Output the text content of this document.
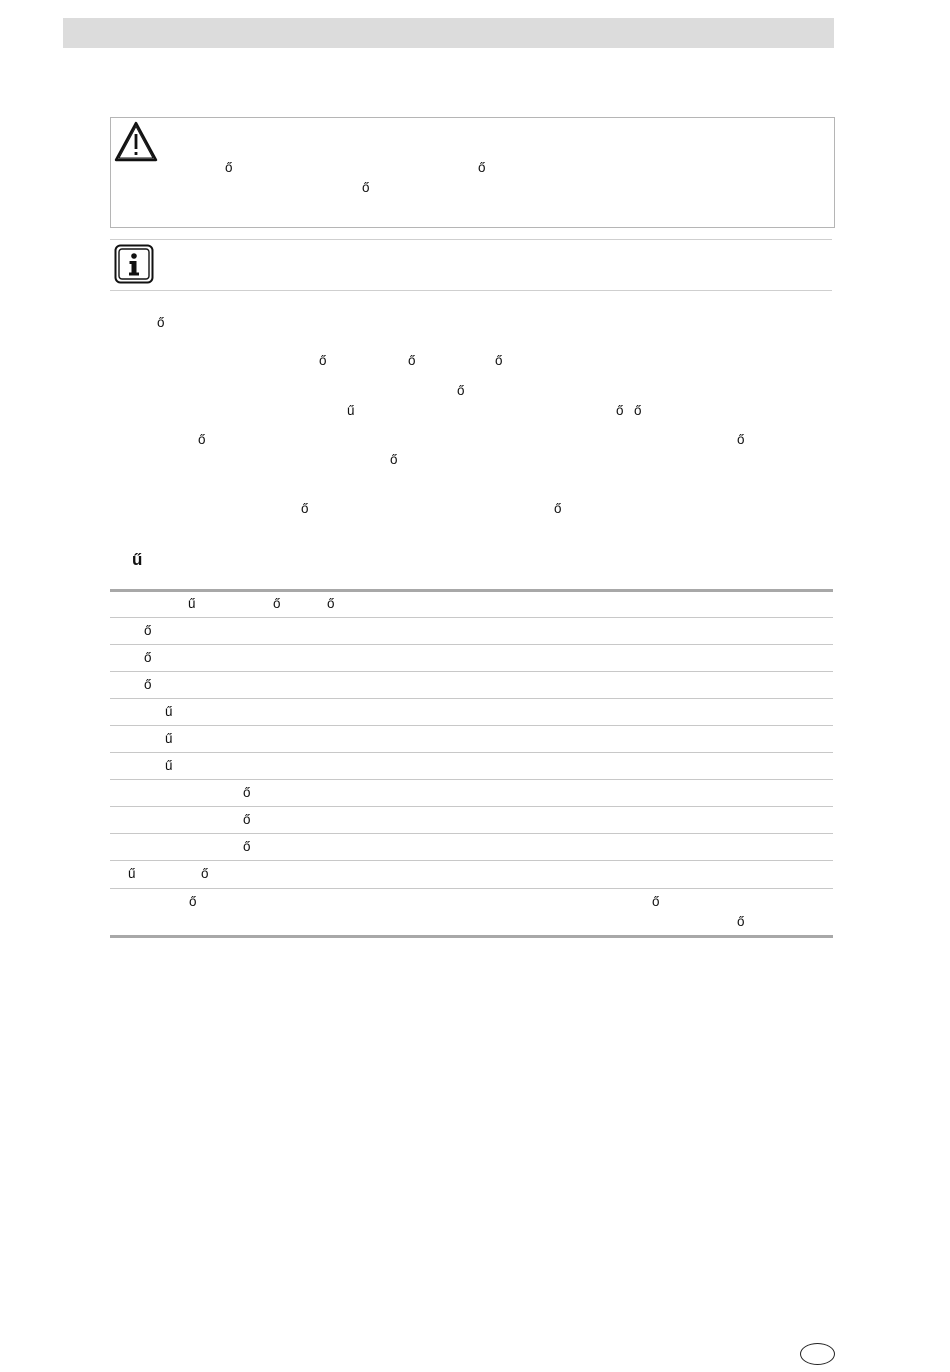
ő	ő
ő
ő
ő	ő	ő
ő
ű	ő ő
ő	ő
ő
ő	ő
ű
ű	ő	ő
ő
ő
ő
ű
ű
ű
ő
ő
ő
ű	ő
ő	ő
ő
